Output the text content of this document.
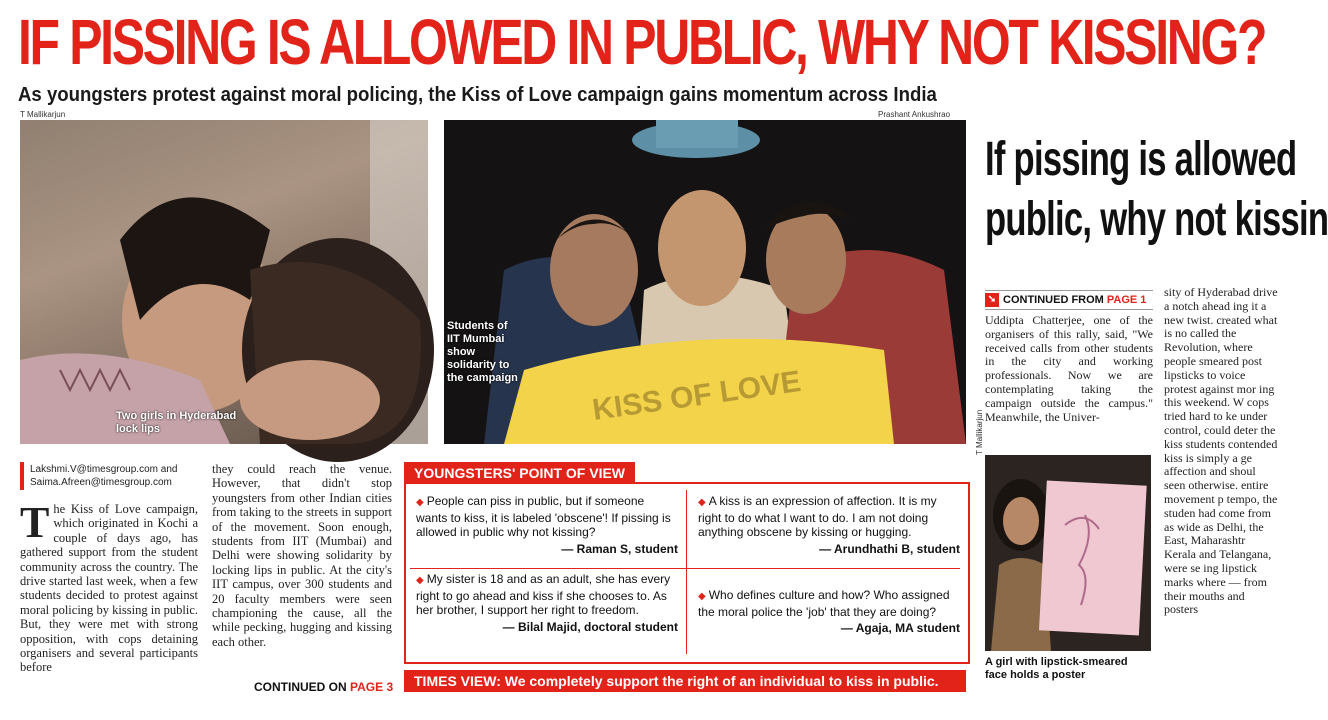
IF PISSING IS ALLOWED IN PUBLIC, WHY NOT KISSING?
As youngsters protest against moral policing, the Kiss of Love campaign gains momentum across India
T Mallikarjun	Prashant Ankushrao
Two girls in Hyderabad lock lips
KISS OF LOVE
Students of IIT Mumbai show solidarity to the campaign
Lakshmi.V@timesgroup.com and
Saima.Afreen@timesgroup.com
The Kiss of Love campaign, which originated in Kochi a couple of days ago, has gathered support from the student community across the country. The drive started last week, when a few students decided to protest against moral policing by kissing in public. But, they were met with strong opposition, with cops detaining organisers and several participants before
they could reach the venue. However, that didn't stop youngsters from other Indian cities from taking to the streets in support of the movement. Soon enough, students from IIT (Mumbai) and Delhi were showing solidarity by locking lips in public. At the city's IIT campus, over 300 students and 20 faculty members were seen championing the cause, all the while pecking, hugging and kissing each other.
CONTINUED ON PAGE 3
YOUNGSTERS' POINT OF VIEW
◆ People can piss in public, but if someone wants to kiss, it is labeled 'obscene'! If pissing is allowed in public why not kissing?
— Raman S, student
◆ A kiss is an expression of affection. It is my right to do what I want to do. I am not doing anything obscene by kissing or hugging.
— Arundhathi B, student
◆ My sister is 18 and as an adult, she has every right to go ahead and kiss if she chooses to. As her brother, I support her right to freedom.
— Bilal Majid, doctoral student
◆ Who defines culture and how? Who assigned the moral police the 'job' that they are doing?
— Agaja, MA student
TIMES VIEW: We completely support the right of an individual to kiss in public.
If pissing is allowed
public, why not kissin
➘ CONTINUED FROM PAGE 1
Uddipta Chatterjee, one of the organisers of this rally, said, "We received calls from other students in the city and working professionals. Now we are contemplating taking the campaign outside the campus." Meanwhile, the Univer-
sity of Hyderabad drive a notch ahead ing it a new twist. created what is no called the Revolution, where people smeared post lipsticks to voice protest against mor ing this weekend. W cops tried hard to ke under control, could deter the kiss students contended kiss is simply a ge affection and shoul seen otherwise. entire movement p tempo, the studen had come from as wide as Delhi, the East, Maharashtr Kerala and Telangana, were se ing lipstick marks where — from their mouths and posters
T Mallikarjun
A girl with lipstick-smeared face holds a poster
